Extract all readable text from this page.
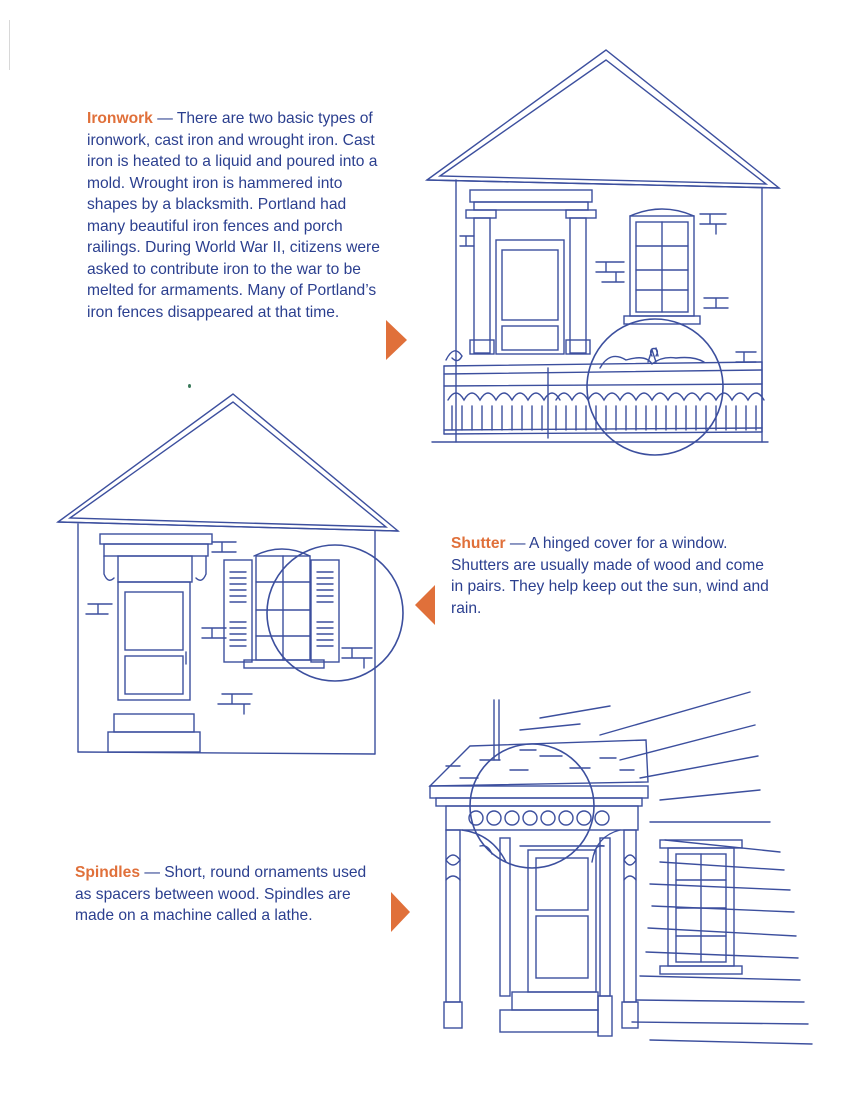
Ironwork — There are two basic types of ironwork, cast iron and wrought iron. Cast iron is heated to a liquid and poured into a mold. Wrought iron is hammered into shapes by a blacksmith. Portland had many beautiful iron fences and porch railings. During World War II, citizens were asked to contribute iron to the war to be melted for armaments. Many of Portland’s iron fences disappeared at that time.
Shutter — A hinged cover for a window. Shutters are usually made of wood and come in pairs. They help keep out the sun, wind and rain.
Spindles — Short, round ornaments used as spacers between wood. Spindles are made on a machine called a lathe.
